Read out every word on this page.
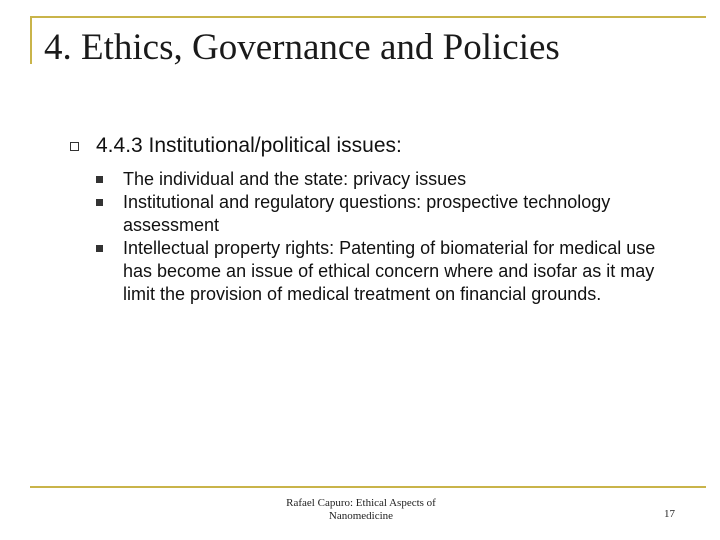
4. Ethics, Governance and Policies
4.4.3 Institutional/political issues:
The individual and the state: privacy issues
Institutional and regulatory questions: prospective technology assessment
Intellectual property rights: Patenting of biomaterial for medical use has become an issue of ethical concern where and isofar as it may limit the provision of medical treatment on financial grounds.
Rafael Capuro: Ethical Aspects of
Nanomedicine	17
